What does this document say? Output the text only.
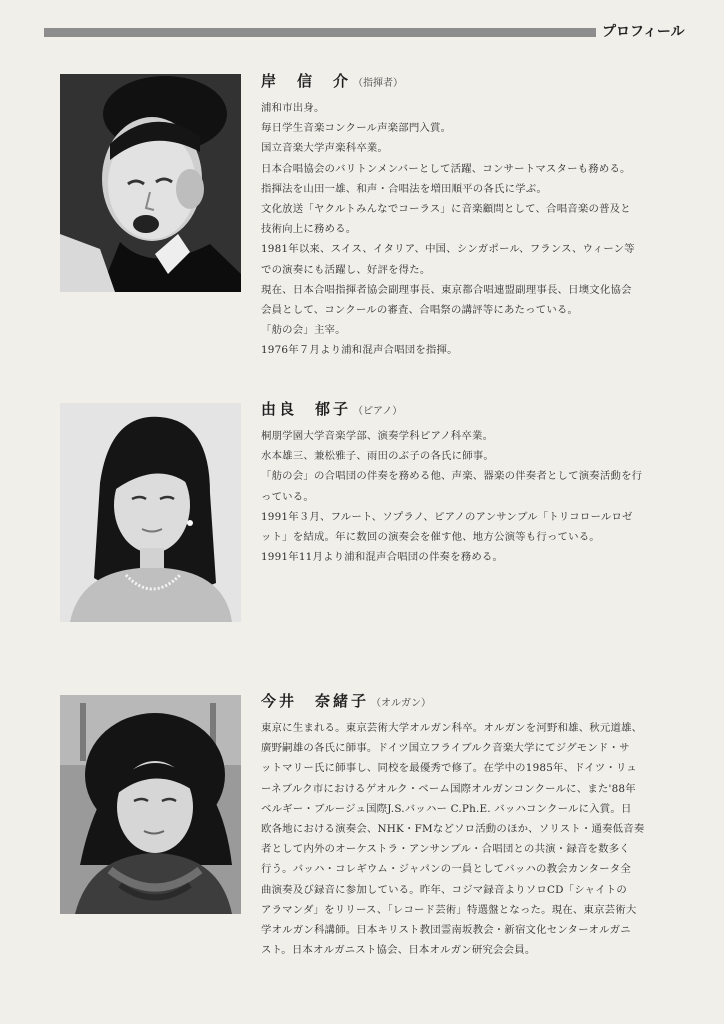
プロフィール
岸　信　介 （指揮者）
浦和市出身。
毎日学生音楽コンクール声楽部門入賞。
国立音楽大学声楽科卒業。
日本合唱協会のバリトンメンバーとして活躍、コンサートマスターも務める。
指揮法を山田一雄、和声・合唱法を増田順平の各氏に学ぶ。
文化放送「ヤクルトみんなでコーラス」に音楽顧問として、合唱音楽の普及と
技術向上に務める。
1981年以来、スイス、イタリア、中国、シンガポール、フランス、ウィーン等
での演奏にも活躍し、好評を得た。
現在、日本合唱指揮者協会副理事長、東京都合唱連盟副理事長、日墺文化協会
会員として、コンクールの審査、合唱祭の講評等にあたっている。
「舫の会」主宰。
1976年７月より浦和混声合唱団を指揮。
由良　郁子 （ピアノ）
桐朋学園大学音楽学部、演奏学科ピアノ科卒業。
水本雄三、兼松雅子、雨田のぶ子の各氏に師事。
「舫の会」の合唱団の伴奏を務める他、声楽、器楽の伴奏者として演奏活動を行
っている。
1991年３月、フルート、ソプラノ、ピアノのアンサンブル「トリコロールロゼ
ット」を結成。年に数回の演奏会を催す他、地方公演等も行っている。
1991年11月より浦和混声合唱団の伴奏を務める。
今井　奈緒子 （オルガン）
東京に生まれる。東京芸術大学オルガン科卒。オルガンを河野和雄、秋元道雄、
廣野嗣雄の各氏に師事。ドイツ国立フライブルク音楽大学にてジグモンド・サ
ットマリー氏に師事し、同校を最優秀で修了。在学中の1985年、ドイツ・リュ
ーネブルク市におけるゲオルク・ベーム国際オルガンコンクールに、また'88年
ベルギー・ブルージュ国際J.S.バッハー C.Ph.E. バッハコンクールに入賞。日
欧各地における演奏会、NHK・FMなどソロ活動のほか、ソリスト・通奏低音奏
者として内外のオーケストラ・アンサンブル・合唱団との共演・録音を数多く
行う。バッハ・コレギウム・ジャパンの一員としてバッハの教会カンタータ全
曲演奏及び録音に参加している。昨年、コジマ録音よりソロCD「シャイトの
アラマンダ」をリリース、「レコード芸術」特選盤となった。現在、東京芸術大
学オルガン科講師。日本キリスト教団霊南坂教会・新宿文化センターオルガニ
スト。日本オルガニスト協会、日本オルガン研究会会員。
